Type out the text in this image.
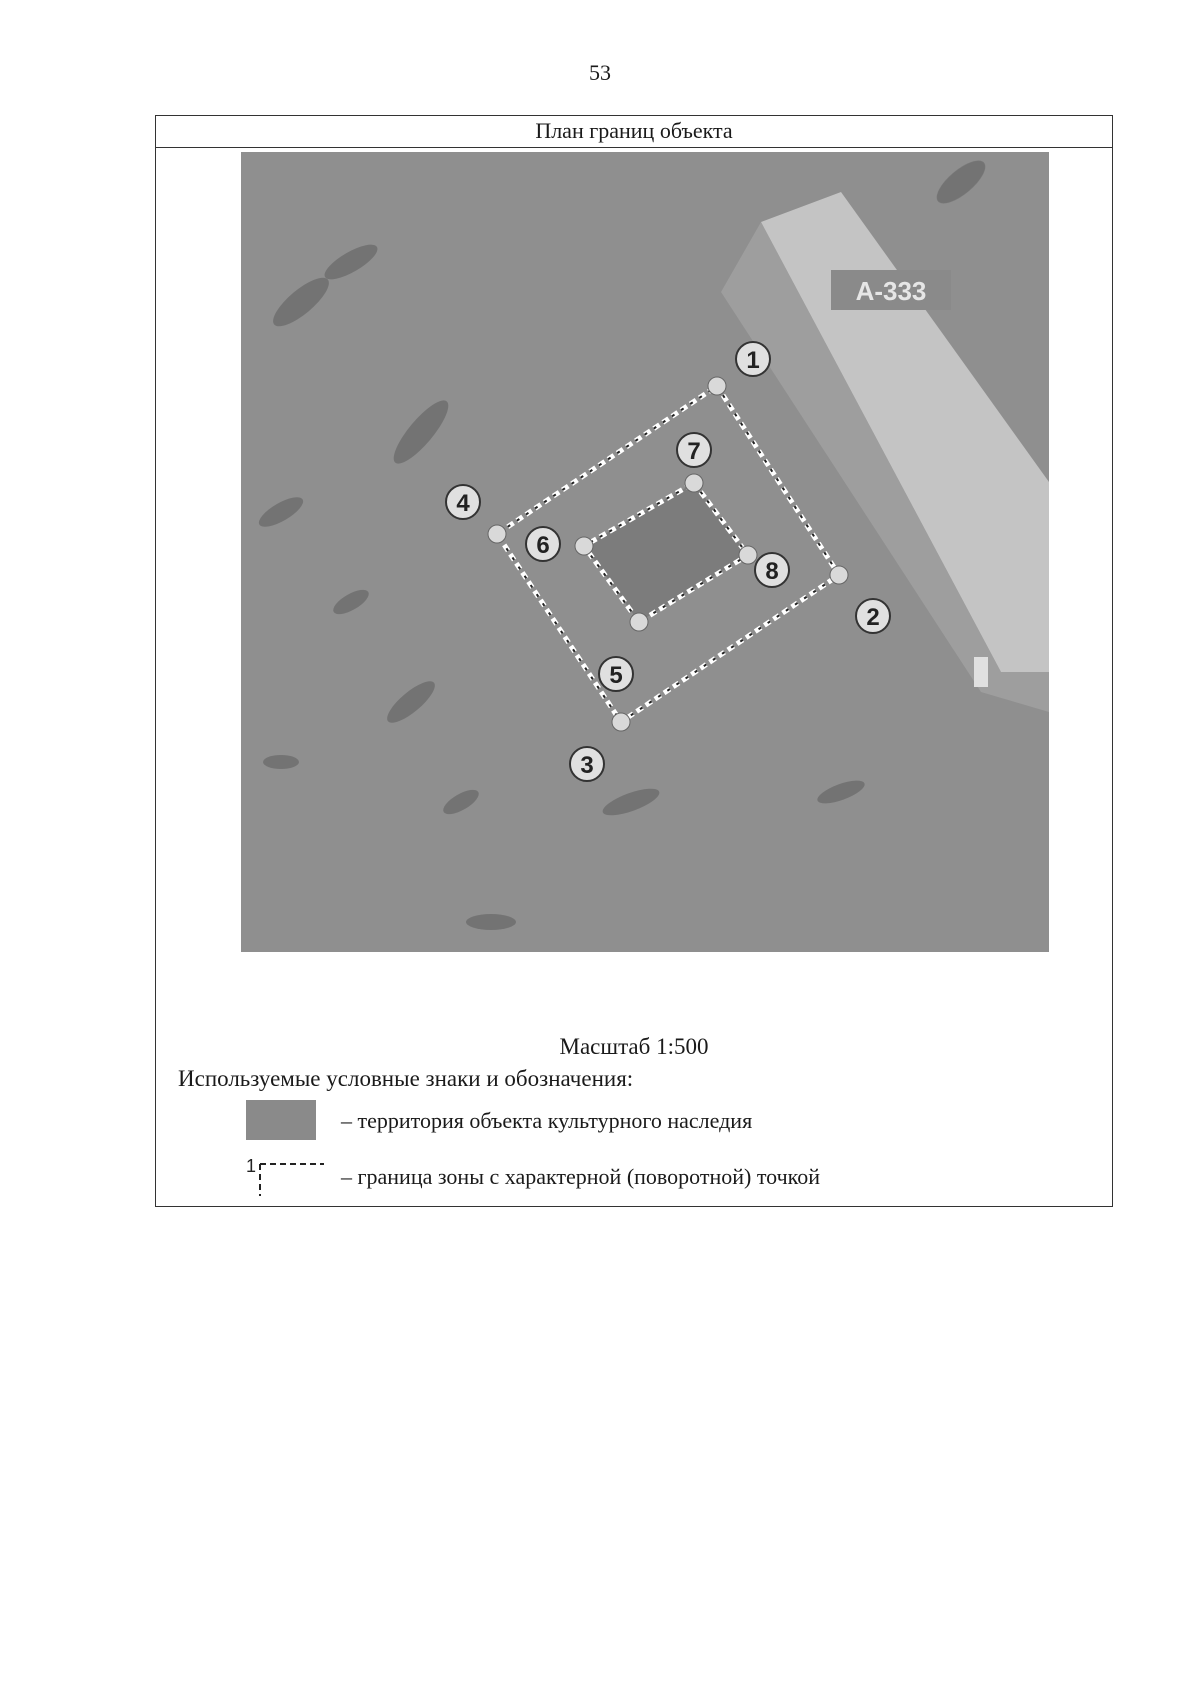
53
План границ объекта
А-333
1
2
3
4
5
6
7
8
Масштаб 1:500
Используемые условные знаки и обозначения:
– территория объекта культурного наследия
1	– граница зоны с характерной (поворотной) точкой
